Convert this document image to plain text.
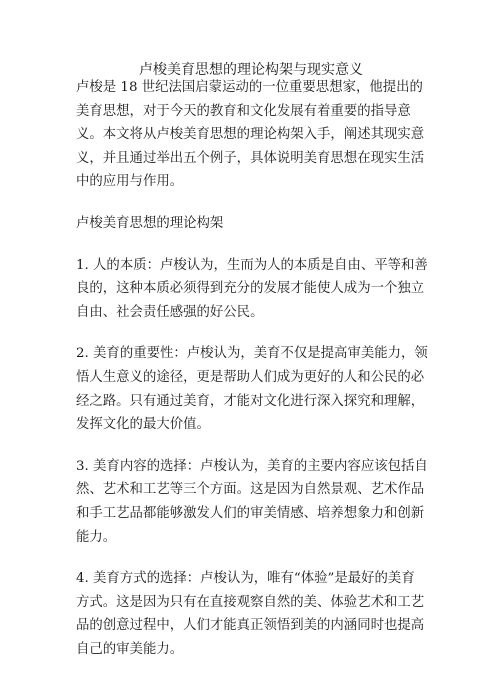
卢梭美育思想的理论构架与现实意义

卢梭是 18 世纪法国启蒙运动的一位重要思想家，他提出的美育思想，对于今天的教育和文化发展有着重要的指导意义。本文将从卢梭美育思想的理论构架入手，阐述其现实意义，并且通过举出五个例子，具体说明美育思想在现实生活中的应用与作用。

卢梭美育思想的理论构架

1. 人的本质：卢梭认为，生而为人的本质是自由、平等和善良的，这种本质必须得到充分的发展才能使人成为一个独立自由、社会责任感强的好公民。

2. 美育的重要性：卢梭认为，美育不仅是提高审美能力，领悟人生意义的途径，更是帮助人们成为更好的人和公民的必经之路。只有通过美育，才能对文化进行深入探究和理解，发挥文化的最大价值。

3. 美育内容的选择：卢梭认为，美育的主要内容应该包括自然、艺术和工艺等三个方面。这是因为自然景观、艺术作品和手工艺品都能够激发人们的审美情感、培养想象力和创新能力。

4. 美育方式的选择：卢梭认为，唯有“体验”是最好的美育方式。这是因为只有在直接观察自然的美、体验艺术和工艺品的创意过程中，人们才能真正领悟到美的内涵同时也提高自己的审美能力。
